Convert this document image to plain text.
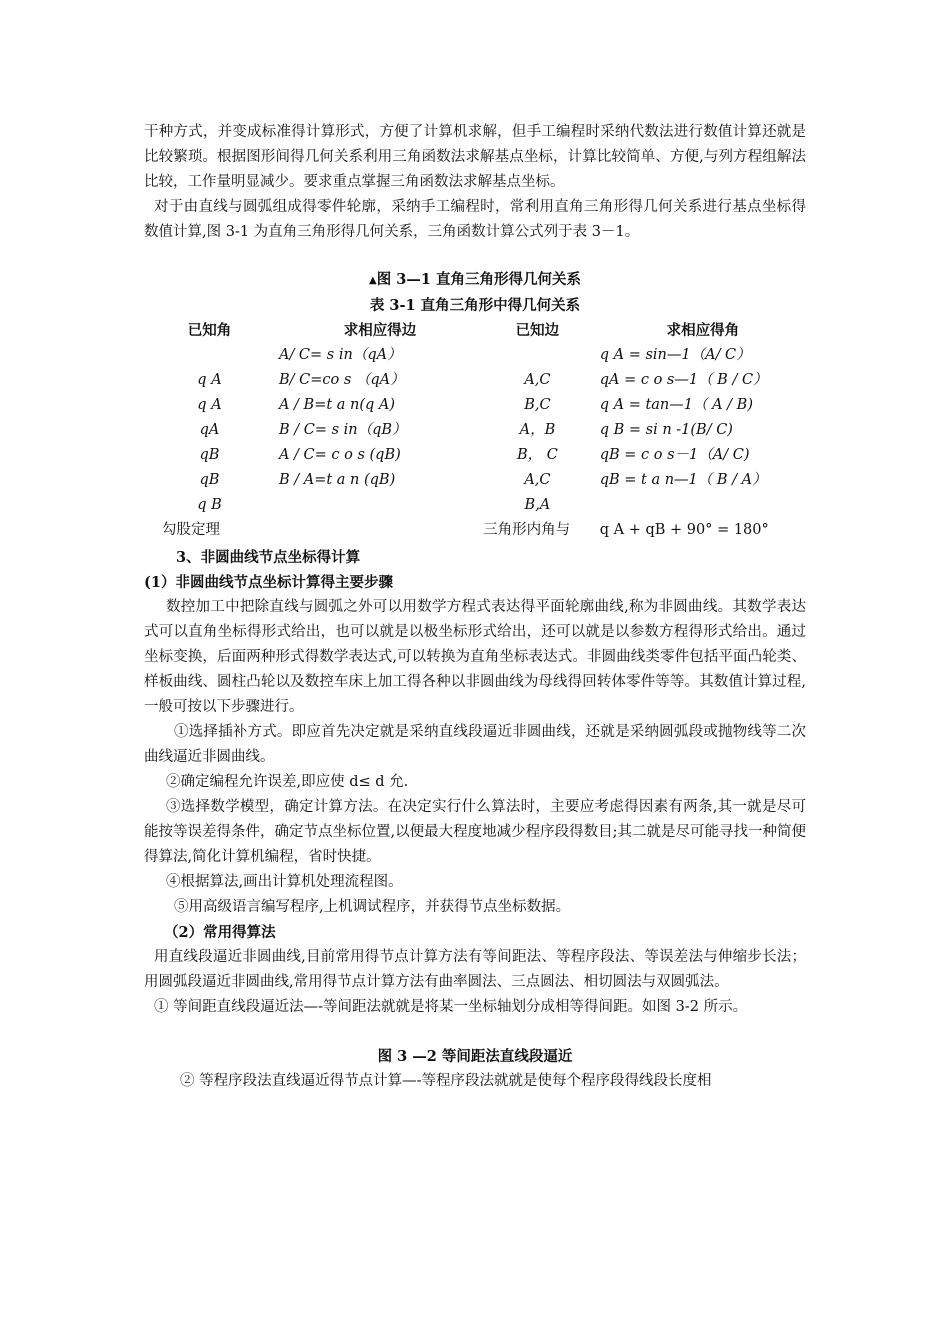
干种方式，并变成标准得计算形式，方便了计算机求解，但手工编程时采纳代数法进行数值计算还就是比较繁琐。根据图形间得几何关系利用三角函数法求解基点坐标，计算比较简单、方便,与列方程组解法比较，工作量明显减少。要求重点掌握三角函数法求解基点坐标。

对于由直线与圆弧组成得零件轮廓，采纳手工编程时，常利用直角三角形得几何关系进行基点坐标得数值计算,图 3-1 为直角三角形得几何关系，三角函数计算公式列于表 3－1。

▲图 3—1 直角三角形得几何关系

表 3-1 直角三角形中得几何关系

已知角	求相应得边	已知边	求相应得角
	A/ C= s in（qA）		q A = sin—1（A/ C）
q A	B/ C=co s （qA）	A,C	qA = c o s—1（ B / C）
q A	A / B=t a n(q A)	B,C	q A = tan—1（ A / B)
qA	B / C= s in（qB）	A，B	q B = si n -1(B/ C)
qB	A / C= c o s (qB)	B， C	qB = c o s－1（A/ C)
qB	B / A=t a n (qB)	A,C	qB = t a n—1（ B / A）
q B		B,A	
勾股定理		三角形内角与	q A + qB + 90° = 180°

3、非圆曲线节点坐标得计算

(1）非圆曲线节点坐标计算得主要步骤

数控加工中把除直线与圆弧之外可以用数学方程式表达得平面轮廓曲线,称为非圆曲线。其数学表达式可以直角坐标得形式给出，也可以就是以极坐标形式给出，还可以就是以参数方程得形式给出。通过坐标变换，后面两种形式得数学表达式,可以转换为直角坐标表达式。非圆曲线类零件包括平面凸轮类、样板曲线、圆柱凸轮以及数控车床上加工得各种以非圆曲线为母线得回转体零件等等。其数值计算过程,一般可按以下步骤进行。

①选择插补方式。即应首先决定就是采纳直线段逼近非圆曲线，还就是采纳圆弧段或抛物线等二次曲线逼近非圆曲线。

②确定编程允许误差,即应使 d≤ d 允.

③选择数学模型，确定计算方法。在决定实行什么算法时，主要应考虑得因素有两条,其一就是尽可能按等误差得条件，确定节点坐标位置,以便最大程度地减少程序段得数目;其二就是尽可能寻找一种简便得算法,简化计算机编程，省时快捷。

④根据算法,画出计算机处理流程图。

⑤用高级语言编写程序,上机调试程序，并获得节点坐标数据。

（2）常用得算法

用直线段逼近非圆曲线,目前常用得节点计算方法有等间距法、等程序段法、等误差法与伸缩步长法；用圆弧段逼近非圆曲线,常用得节点计算方法有曲率圆法、三点圆法、相切圆法与双圆弧法。

① 等间距直线段逼近法—-等间距法就就是将某一坐标轴划分成相等得间距。如图 3-2 所示。

图 3 —2 等间距法直线段逼近

② 等程序段法直线逼近得节点计算—-等程序段法就就是使每个程序段得线段长度相
